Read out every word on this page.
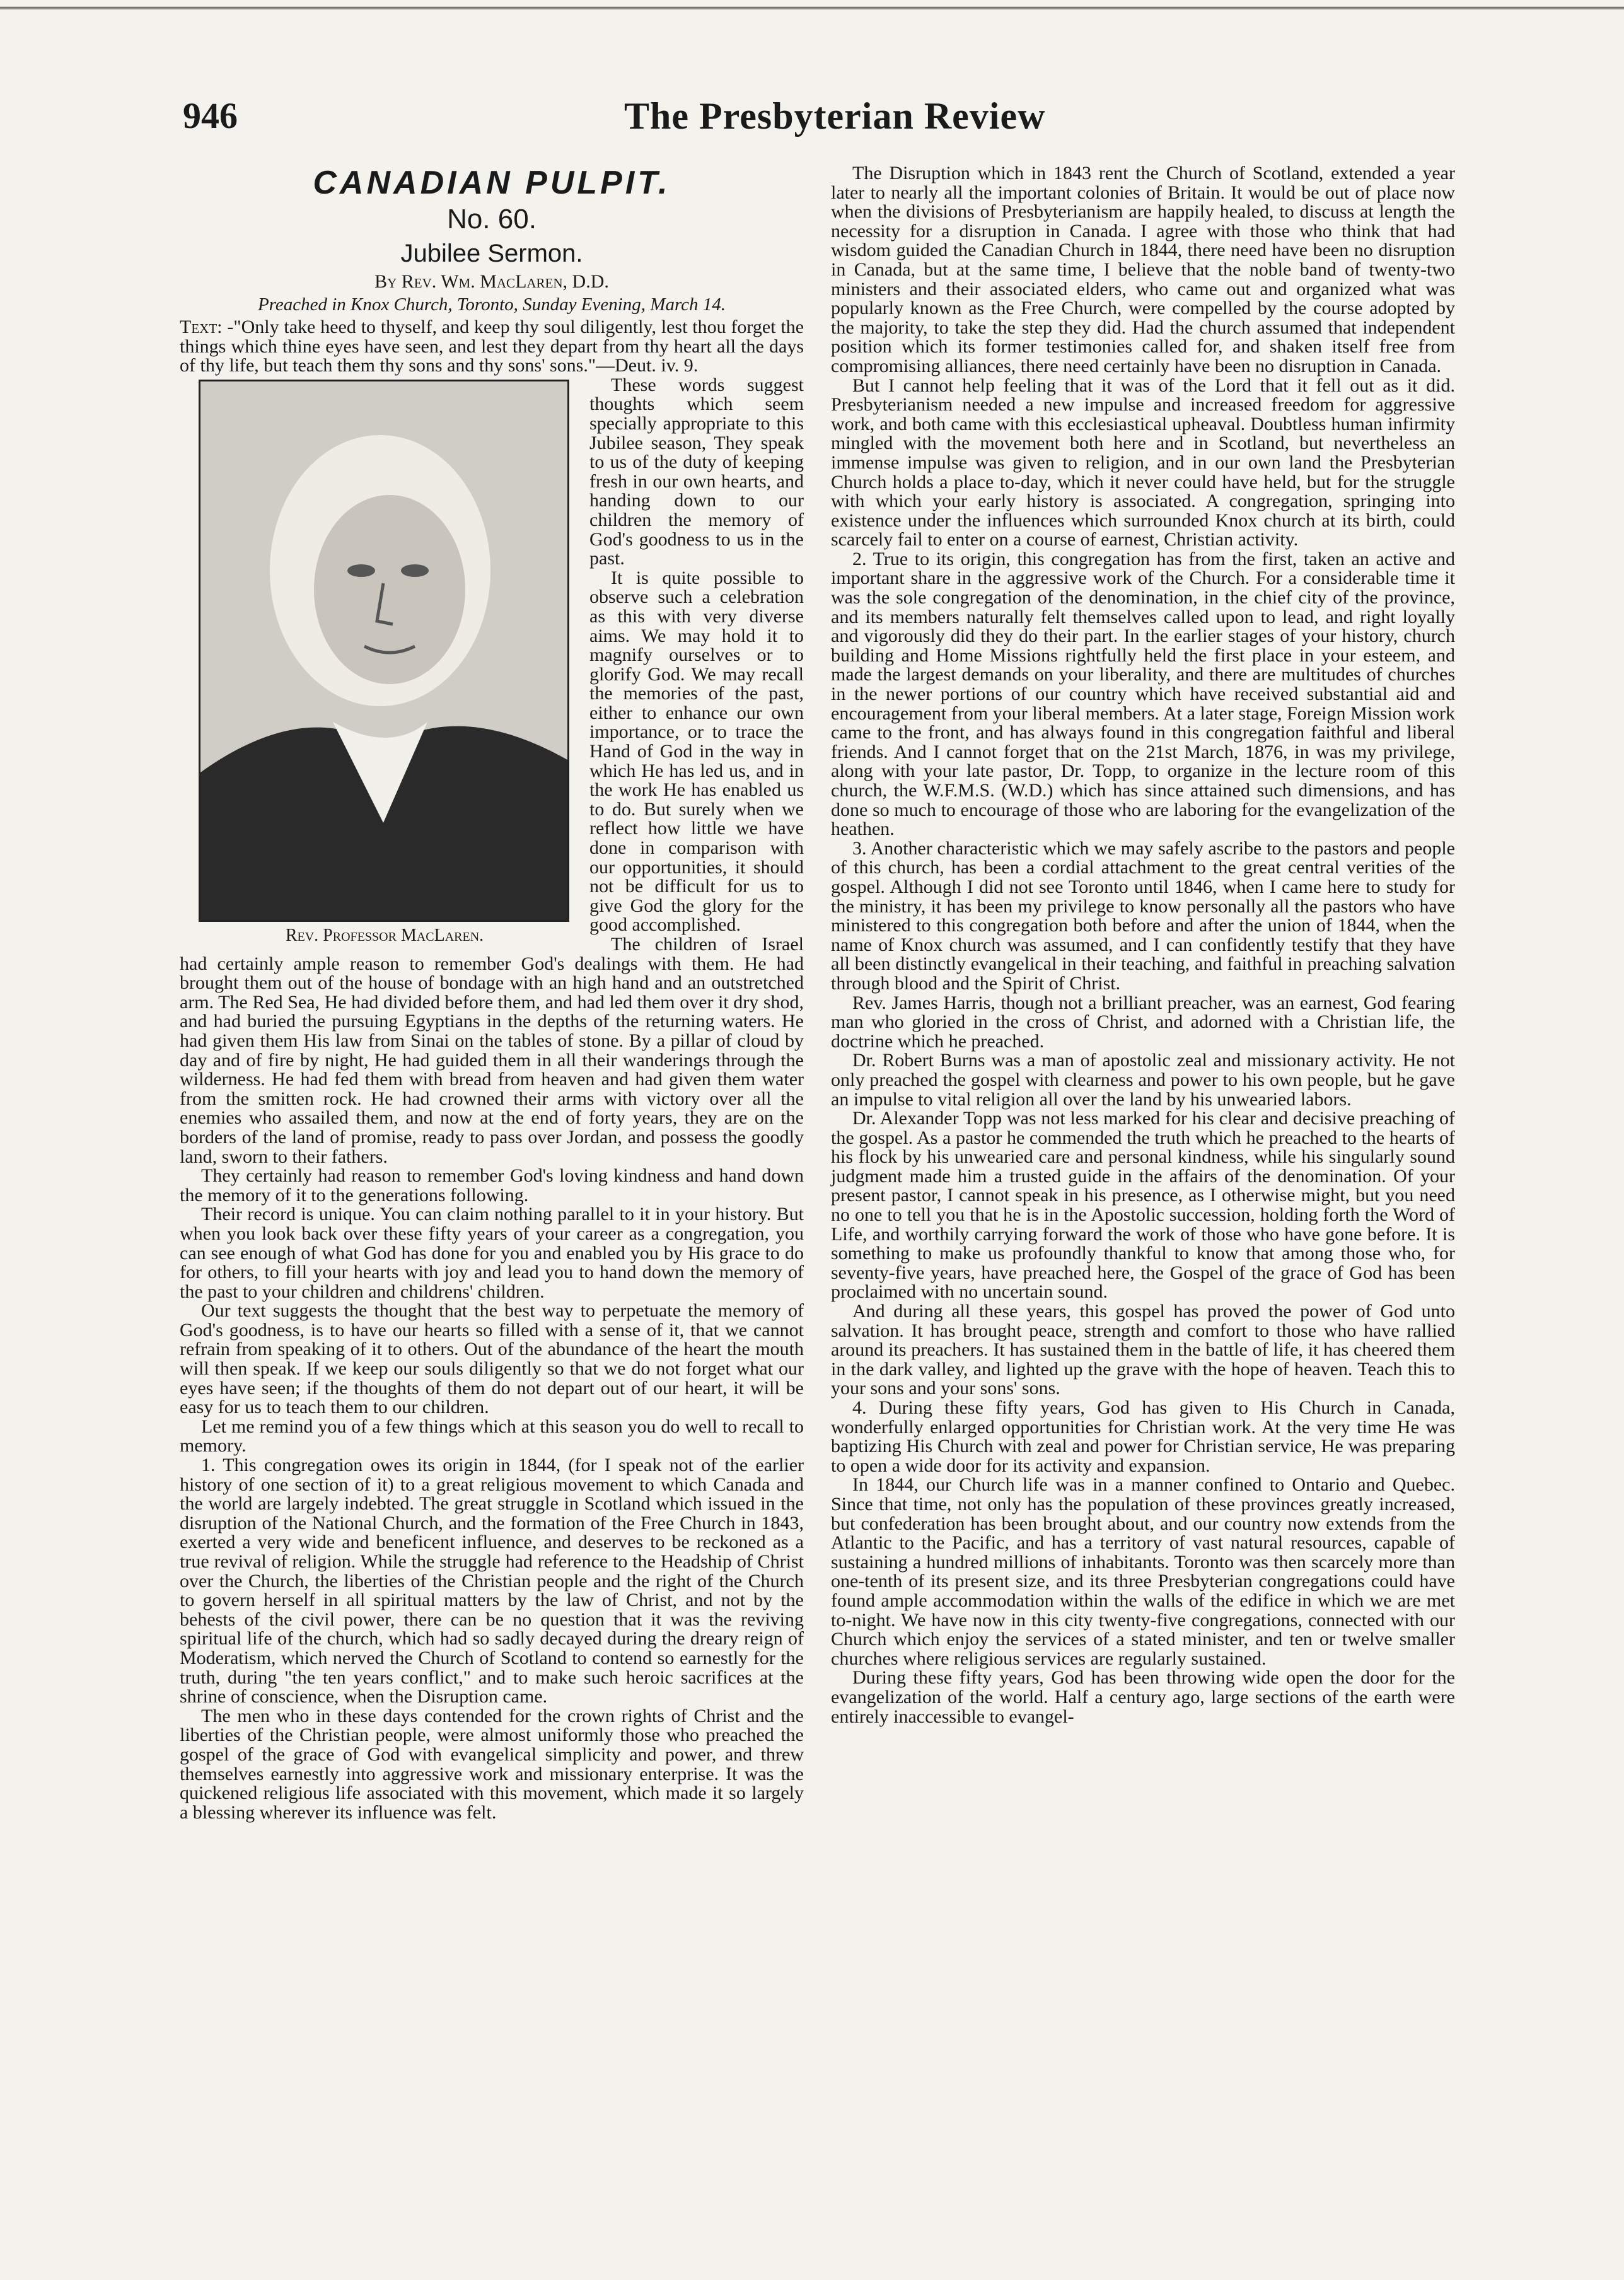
946	The Presbyterian Review
CANADIAN PULPIT.
No. 60.
Jubilee Sermon.
By Rev. Wm. MacLaren, D.D.
Preached in Knox Church, Toronto, Sunday Evening, March 14.

Text: -"Only take heed to thyself, and keep thy soul diligently, lest thou forget the things which thine eyes have seen, and lest they depart from thy heart all the days of thy life, but teach them thy sons and thy sons' sons."—Deut. iv. 9.

Rev. Professor MacLaren.

These words suggest thoughts which seem specially appropriate to this Jubilee season, They speak to us of the duty of keeping fresh in our own hearts, and handing down to our children the memory of God's goodness to us in the past.

It is quite possible to observe such a celebration as this with very diverse aims. We may hold it to magnify ourselves or to glorify God. We may recall the memories of the past, either to enhance our own importance, or to trace the Hand of God in the way in which He has led us, and in the work He has enabled us to do. But surely when we reflect how little we have done in comparison with our opportunities, it should not be difficult for us to give God the glory for the good accomplished.

The children of Israel had certainly ample reason to remember God's dealings with them. He had brought them out of the house of bondage with an high hand and an outstretched arm. The Red Sea, He had divided before them, and had led them over it dry shod, and had buried the pursuing Egyptians in the depths of the returning waters. He had given them His law from Sinai on the tables of stone. By a pillar of cloud by day and of fire by night, He had guided them in all their wanderings through the wilderness. He had fed them with bread from heaven and had given them water from the smitten rock. He had crowned their arms with victory over all the enemies who assailed them, and now at the end of forty years, they are on the borders of the land of promise, ready to pass over Jordan, and possess the goodly land, sworn to their fathers.

They certainly had reason to remember God's loving kindness and hand down the memory of it to the generations following.

Their record is unique. You can claim nothing parallel to it in your history. But when you look back over these fifty years of your career as a congregation, you can see enough of what God has done for you and enabled you by His grace to do for others, to fill your hearts with joy and lead you to hand down the memory of the past to your children and childrens' children.

Our text suggests the thought that the best way to perpetuate the memory of God's goodness, is to have our hearts so filled with a sense of it, that we cannot refrain from speaking of it to others. Out of the abundance of the heart the mouth will then speak. If we keep our souls diligently so that we do not forget what our eyes have seen; if the thoughts of them do not depart out of our heart, it will be easy for us to teach them to our children.

Let me remind you of a few things which at this season you do well to recall to memory.

1. This congregation owes its origin in 1844, (for I speak not of the earlier history of one section of it) to a great religious movement to which Canada and the world are largely indebted. The great struggle in Scotland which issued in the disruption of the National Church, and the formation of the Free Church in 1843, exerted a very wide and beneficent influence, and deserves to be reckoned as a true revival of religion. While the struggle had reference to the Headship of Christ over the Church, the liberties of the Christian people and the right of the Church to govern herself in all spiritual matters by the law of Christ, and not by the behests of the civil power, there can be no question that it was the reviving spiritual life of the church, which had so sadly decayed during the dreary reign of Moderatism, which nerved the Church of Scotland to contend so earnestly for the truth, during "the ten years conflict," and to make such heroic sacrifices at the shrine of conscience, when the Disruption came.

The men who in these days contended for the crown rights of Christ and the liberties of the Christian people, were almost uniformly those who preached the gospel of the grace of God with evangelical simplicity and power, and threw themselves earnestly into aggressive work and missionary enterprise. It was the quickened religious life associated with this movement, which made it so largely a blessing wherever its influence was felt.

The Disruption which in 1843 rent the Church of Scotland, extended a year later to nearly all the important colonies of Britain. It would be out of place now when the divisions of Presbyterianism are happily healed, to discuss at length the necessity for a disruption in Canada. I agree with those who think that had wisdom guided the Canadian Church in 1844, there need have been no disruption in Canada, but at the same time, I believe that the noble band of twenty-two ministers and their associated elders, who came out and organized what was popularly known as the Free Church, were compelled by the course adopted by the majority, to take the step they did. Had the church assumed that independent position which its former testimonies called for, and shaken itself free from compromising alliances, there need certainly have been no disruption in Canada.

But I cannot help feeling that it was of the Lord that it fell out as it did. Presbyterianism needed a new impulse and increased freedom for aggressive work, and both came with this ecclesiastical upheaval. Doubtless human infirmity mingled with the movement both here and in Scotland, but nevertheless an immense impulse was given to religion, and in our own land the Presbyterian Church holds a place to-day, which it never could have held, but for the struggle with which your early history is associated. A congregation, springing into existence under the influences which surrounded Knox church at its birth, could scarcely fail to enter on a course of earnest, Christian activity.

2. True to its origin, this congregation has from the first, taken an active and important share in the aggressive work of the Church. For a considerable time it was the sole congregation of the denomination, in the chief city of the province, and its members naturally felt themselves called upon to lead, and right loyally and vigorously did they do their part. In the earlier stages of your history, church building and Home Missions rightfully held the first place in your esteem, and made the largest demands on your liberality, and there are multitudes of churches in the newer portions of our country which have received substantial aid and encouragement from your liberal members. At a later stage, Foreign Mission work came to the front, and has always found in this congregation faithful and liberal friends. And I cannot forget that on the 21st March, 1876, in was my privilege, along with your late pastor, Dr. Topp, to organize in the lecture room of this church, the W.F.M.S. (W.D.) which has since attained such dimensions, and has done so much to encourage of those who are laboring for the evangelization of the heathen.

3. Another characteristic which we may safely ascribe to the pastors and people of this church, has been a cordial attachment to the great central verities of the gospel. Although I did not see Toronto until 1846, when I came here to study for the ministry, it has been my privilege to know personally all the pastors who have ministered to this congregation both before and after the union of 1844, when the name of Knox church was assumed, and I can confidently testify that they have all been distinctly evangelical in their teaching, and faithful in preaching salvation through blood and the Spirit of Christ.

Rev. James Harris, though not a brilliant preacher, was an earnest, God fearing man who gloried in the cross of Christ, and adorned with a Christian life, the doctrine which he preached.

Dr. Robert Burns was a man of apostolic zeal and missionary activity. He not only preached the gospel with clearness and power to his own people, but he gave an impulse to vital religion all over the land by his unwearied labors.

Dr. Alexander Topp was not less marked for his clear and decisive preaching of the gospel. As a pastor he commended the truth which he preached to the hearts of his flock by his unwearied care and personal kindness, while his singularly sound judgment made him a trusted guide in the affairs of the denomination. Of your present pastor, I cannot speak in his presence, as I otherwise might, but you need no one to tell you that he is in the Apostolic succession, holding forth the Word of Life, and worthily carrying forward the work of those who have gone before. It is something to make us profoundly thankful to know that among those who, for seventy-five years, have preached here, the Gospel of the grace of God has been proclaimed with no uncertain sound.

And during all these years, this gospel has proved the power of God unto salvation. It has brought peace, strength and comfort to those who have rallied around its preachers. It has sustained them in the battle of life, it has cheered them in the dark valley, and lighted up the grave with the hope of heaven. Teach this to your sons and your sons' sons.

4. During these fifty years, God has given to His Church in Canada, wonderfully enlarged opportunities for Christian work. At the very time He was baptizing His Church with zeal and power for Christian service, He was preparing to open a wide door for its activity and expansion.

In 1844, our Church life was in a manner confined to Ontario and Quebec. Since that time, not only has the population of these provinces greatly increased, but confederation has been brought about, and our country now extends from the Atlantic to the Pacific, and has a territory of vast natural resources, capable of sustaining a hundred millions of inhabitants. Toronto was then scarcely more than one-tenth of its present size, and its three Presbyterian congregations could have found ample accommodation within the walls of the edifice in which we are met to-night. We have now in this city twenty-five congregations, connected with our Church which enjoy the services of a stated minister, and ten or twelve smaller churches where religious services are regularly sustained.

During these fifty years, God has been throwing wide open the door for the evangelization of the world. Half a century ago, large sections of the earth were entirely inaccessible to evangel-
